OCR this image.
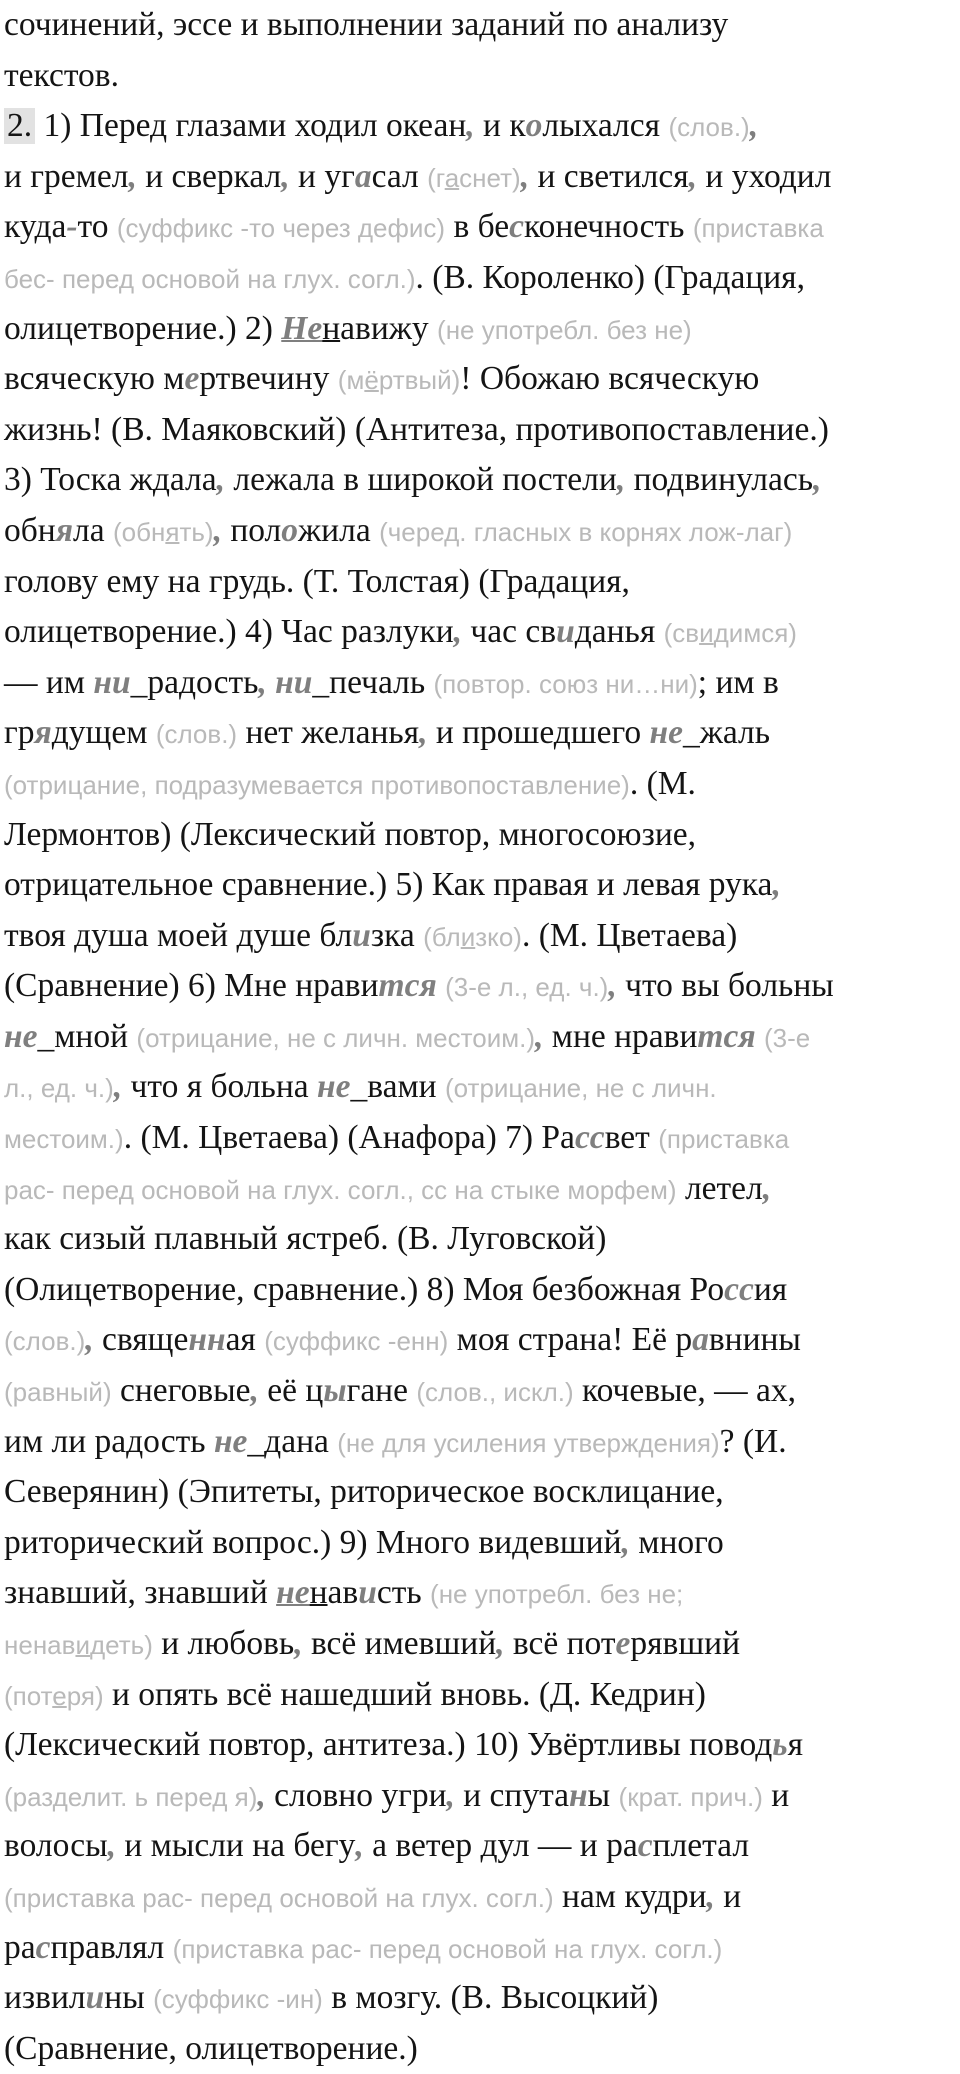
сочинений, эссе и выполнении заданий по анализу
текстов.
2. 1) Перед глазами ходил океан, и колыхался (слов.),
и гремел, и сверкал, и угасал (гаснет), и светился, и уходил
куда-то (суффикс -то через дефис) в бесконечность (приставка
бес- перед основой на глух. согл.). (В. Короленко) (Градация,
олицетворение.) 2) Ненавижу (не употребл. без не)
всяческую мертвечину (мёртвый)! Обожаю всяческую
жизнь! (В. Маяковский) (Антитеза, противопоставление.)
3) Тоска ждала, лежала в широкой постели, подвинулась,
обняла (обнять), положила (черед. гласных в корнях лож-лаг)
голову ему на грудь. (Т. Толстая) (Градация,
олицетворение.) 4) Час разлуки, час свиданья (свидимся)
— им ни_радость, ни_печаль (повтор. союз ни…ни); им в
грядущем (слов.) нет желанья, и прошедшего не_жаль
(отрицание, подразумевается противопоставление). (М.
Лермонтов) (Лексический повтор, многосоюзие,
отрицательное сравнение.) 5) Как правая и левая рука,
твоя душа моей душе близка (близко). (М. Цветаева)
(Сравнение) 6) Мне нравится (3-е л., ед. ч.), что вы больны
не_мной (отрицание, не с личн. местоим.), мне нравится (3-е
л., ед. ч.), что я больна не_вами (отрицание, не с личн.
местоим.). (М. Цветаева) (Анафора) 7) Рассвет (приставка
рас- перед основой на глух. согл., сс на стыке морфем) летел,
как сизый плавный ястреб. (В. Луговской)
(Олицетворение, сравнение.) 8) Моя безбожная Россия
(слов.), священная (суффикс -енн) моя страна! Её равнины
(равный) снеговые, её цыгане (слов., искл.) кочевые, — ах,
им ли радость не_дана (не для усиления утверждения)? (И.
Северянин) (Эпитеты, риторическое восклицание,
риторический вопрос.) 9) Много видевший, много
знавший, знавший ненависть (не употребл. без не;
ненавидеть) и любовь, всё имевший, всё потерявший
(потеря) и опять всё нашедший вновь. (Д. Кедрин)
(Лексический повтор, антитеза.) 10) Увёртливы поводья
(разделит. ь перед я), словно угри, и спутаны (крат. прич.) и
волосы, и мысли на бегу, а ветер дул — и расплетал
(приставка рас- перед основой на глух. согл.) нам кудри, и
расправлял (приставка рас- перед основой на глух. согл.)
извилины (суффикс -ин) в мозгу. (В. Высоцкий)
(Сравнение, олицетворение.)
